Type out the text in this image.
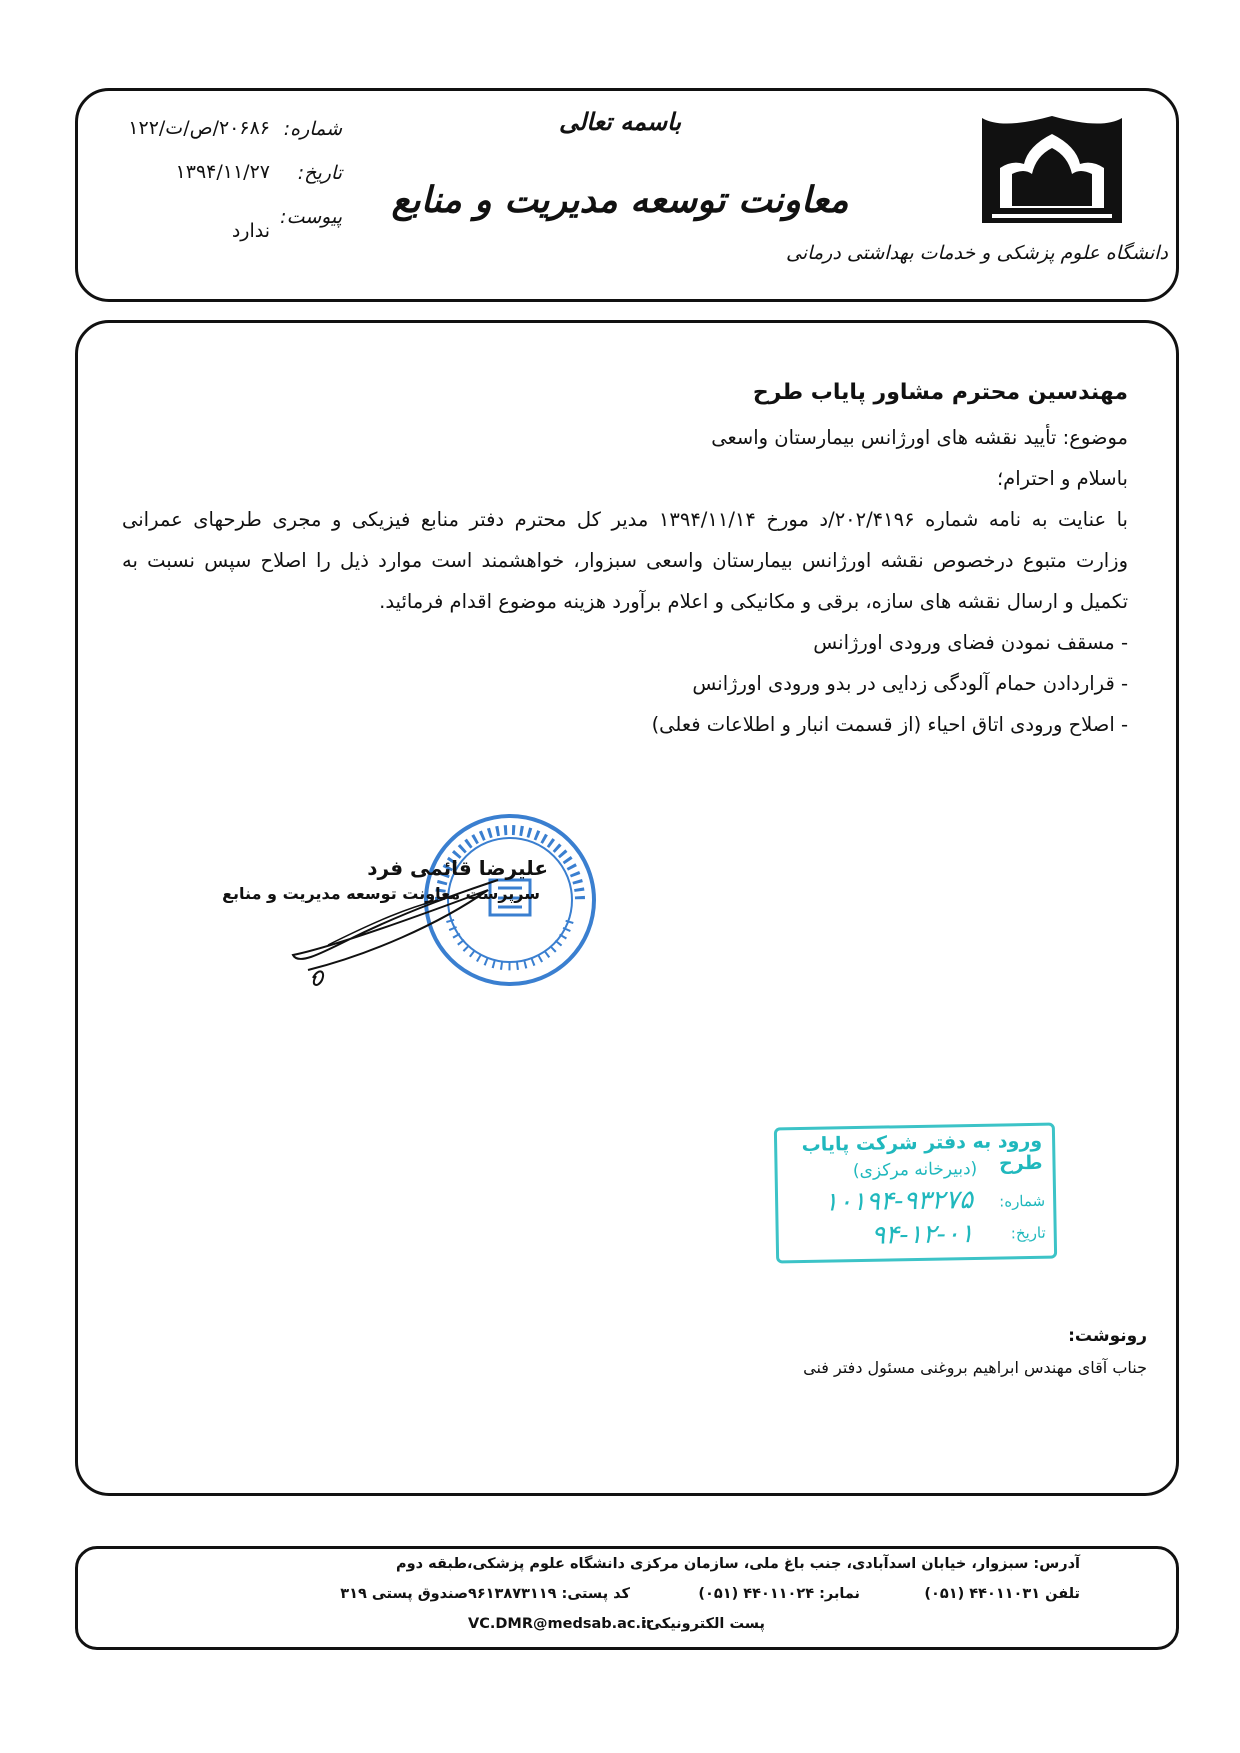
دانشگاه علوم پزشکی و خدمات بهداشتی درمانی
باسمه تعالی
معاونت توسعه مدیریت و منابع
شماره:
۲۰۶۸۶/ص/ت/۱۲۲
تاریخ:
۱۳۹۴/۱۱/۲۷
پیوست:
ندارد
مهندسین محترم مشاور پایاب طرح
موضوع: تأیید نقشه های اورژانس بیمارستان واسعی
باسلام و احترام؛
با عنایت به نامه شماره ۲۰۲/۴۱۹۶/د مورخ ۱۳۹۴/۱۱/۱۴ مدیر کل محترم دفتر منابع فیزیکی و مجری طرحهای عمرانی
وزارت متبوع درخصوص نقشه اورژانس بیمارستان واسعی سبزوار، خواهشمند است موارد ذیل را اصلاح سپس نسبت به
تکمیل و ارسال نقشه های سازه، برقی و مکانیکی و اعلام برآورد هزینه موضوع اقدام فرمائید.
- مسقف نمودن فضای ورودی اورژانس
- قراردادن حمام آلودگی زدایی در بدو ورودی اورژانس
- اصلاح ورودی اتاق احیاء (از قسمت انبار و اطلاعات فعلی)
علیرضا قائمی فرد
سرپرست معاونت توسعه مدیریت و منابع
ورود به دفتر شرکت پایاب طرح
(دبیرخانه مرکزی)
شماره:
۱۰۱۹۴-۹۳۲۷۵
تاریخ:
۹۴-۱۲-۰۱
رونوشت:
جناب آقای مهندس ابراهیم بروغنی مسئول دفتر فنی
آدرس: سبزوار، خیابان اسدآبادی، جنب باغ ملی، سازمان مرکزی دانشگاه علوم پزشکی،طبقه دوم
تلفن ۴۴۰۱۱۰۳۱ (۰۵۱)
نمابر: ۴۴۰۱۱۰۲۴ (۰۵۱)
کد پستی: ۹۶۱۳۸۷۳۱۱۹صندوق پستی ۳۱۹
پست الکترونیکی:
VC.DMR@medsab.ac.ir
